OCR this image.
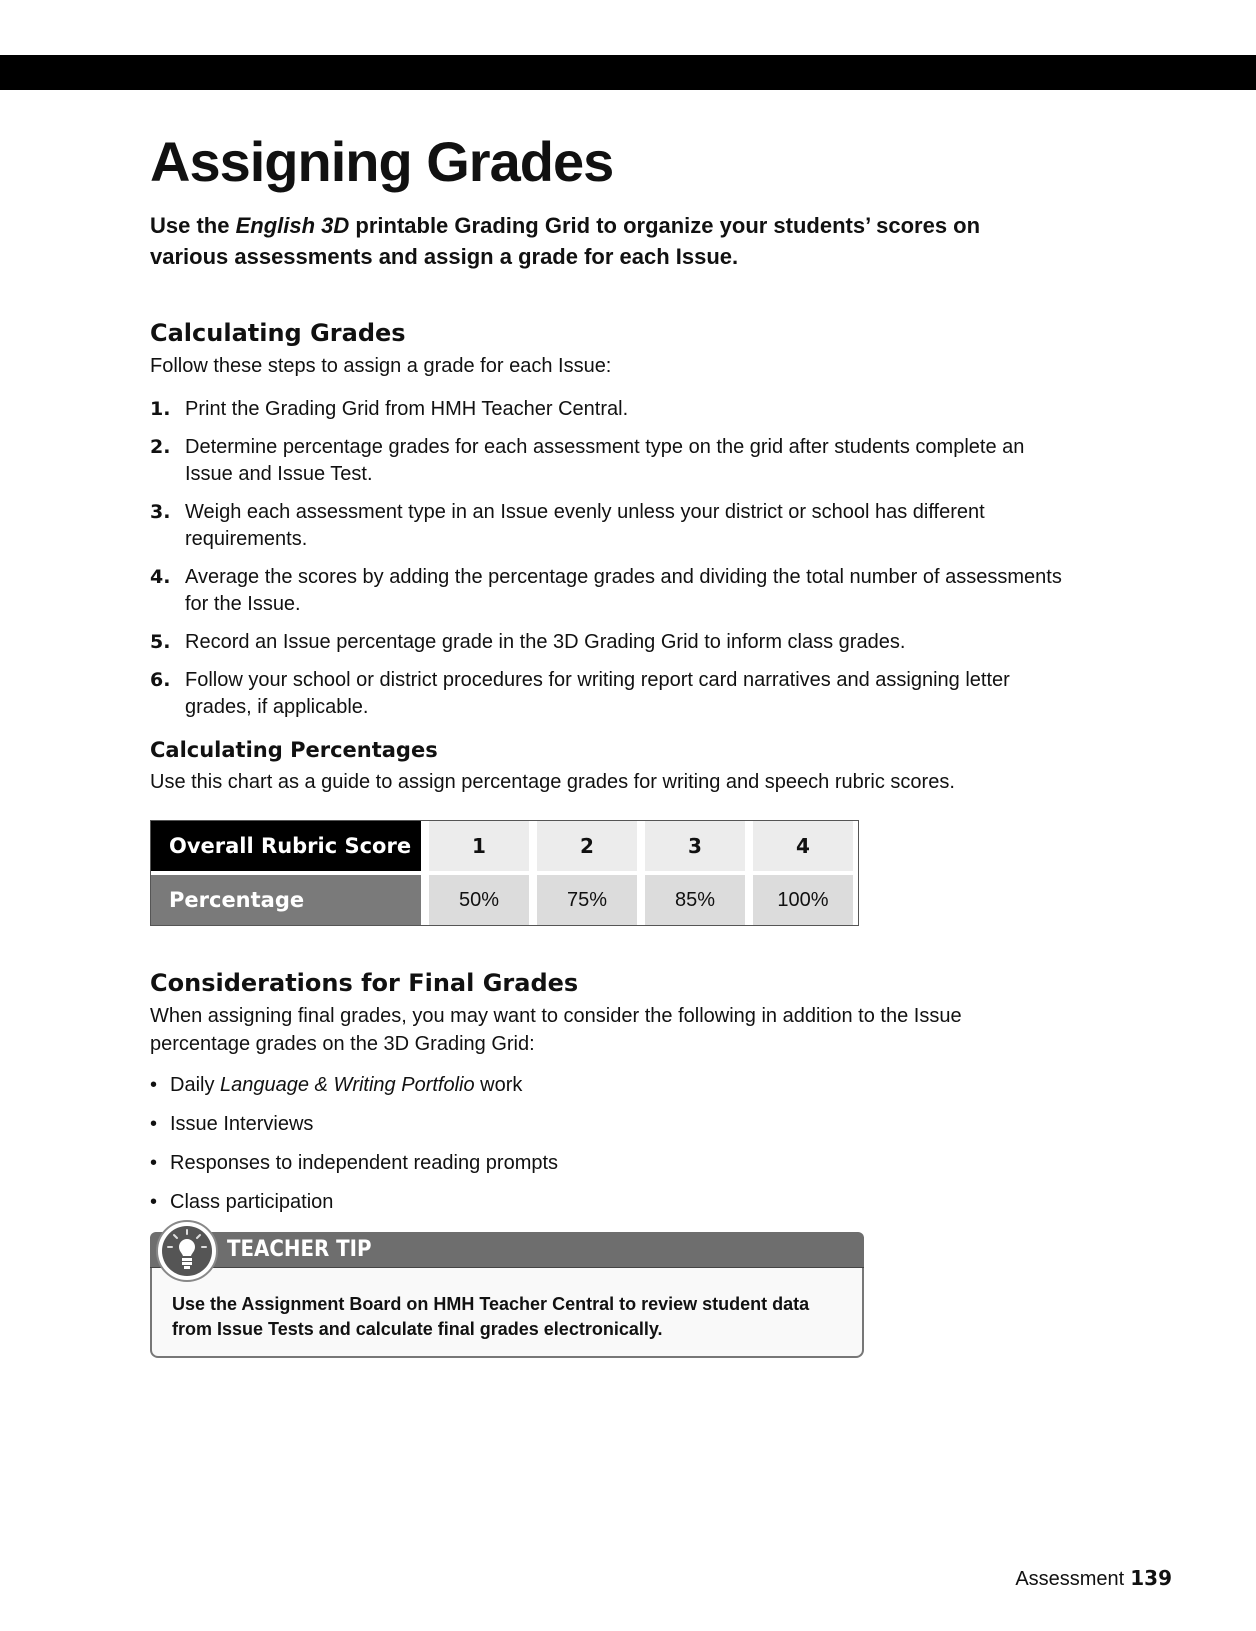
Assigning Grades

Use the English 3D printable Grading Grid to organize your students’ scores on various assessments and assign a grade for each Issue.

Calculating Grades

Follow these steps to assign a grade for each Issue:

1. Print the Grading Grid from HMH Teacher Central.
2. Determine percentage grades for each assessment type on the grid after students complete an Issue and Issue Test.
3. Weigh each assessment type in an Issue evenly unless your district or school has different requirements.
4. Average the scores by adding the percentage grades and dividing the total number of assessments for the Issue.
5. Record an Issue percentage grade in the 3D Grading Grid to inform class grades.
6. Follow your school or district procedures for writing report card narratives and assigning letter grades, if applicable.
Calculating Percentages

Use this chart as a guide to assign percentage grades for writing and speech rubric scores.

Overall Rubric Score	1	2	3	4
Percentage	50%	75%	85%	100%
Considerations for Final Grades

When assigning final grades, you may want to consider the following in addition to the Issue percentage grades on the 3D Grading Grid:

• Daily Language & Writing Portfolio work
• Issue Interviews
• Responses to independent reading prompts
• Class participation
TEACHER TIP
Use the Assignment Board on HMH Teacher Central to review student data from Issue Tests and calculate final grades electronically.
Assessment 139
